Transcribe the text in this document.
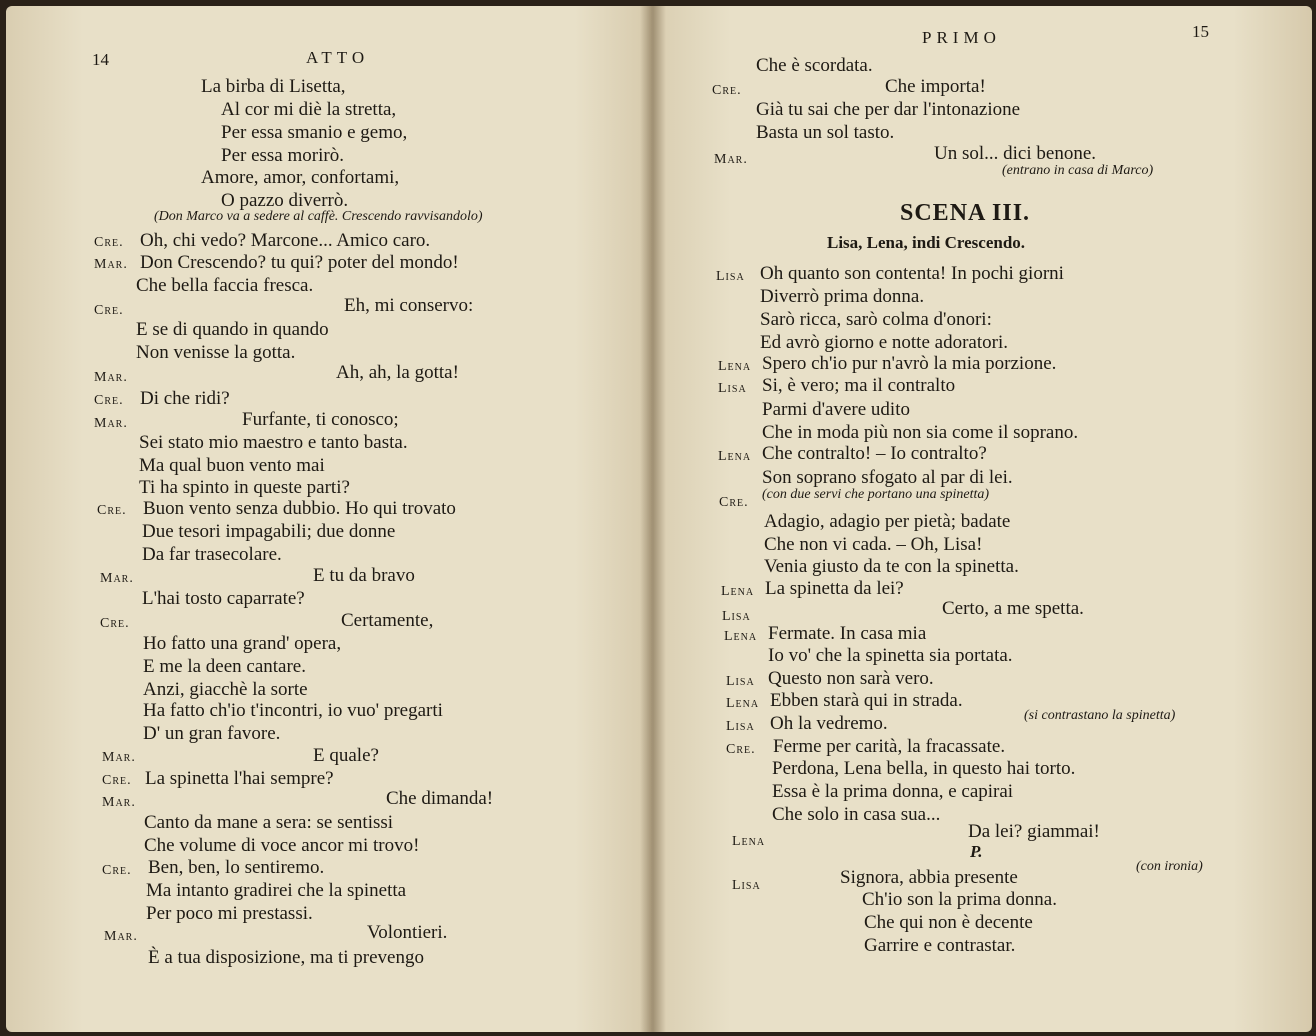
14	ATTO
La birba di Lisetta,
Al cor mi diè la stretta,
Per essa smanio e gemo,
Per essa morirò.
Amore, amor, confortami,
O pazzo diverrò.
(Don Marco va a sedere al caffè. Crescendo ravvisandolo)
Cre. Oh, chi vedo? Marcone... Amico caro.
Mar. Don Crescendo? tu qui? poter del mondo!
Che bella faccia fresca.
Cre.	Eh, mi conservo:
E se di quando in quando
Non venisse la gotta.
Mar.	Ah, ah, la gotta!
Cre. Di che ridi?
Mar.	Furfante, ti conosco;
Sei stato mio maestro e tanto basta.
Ma qual buon vento mai
Ti ha spinto in queste parti?
Cre. Buon vento senza dubbio. Ho qui trovato
Due tesori impagabili; due donne
Da far trasecolare.
Mar.	E tu da bravo
L'hai tosto caparrate?
Cre.	Certamente,
Ho fatto una grand' opera,
E me la deen cantare.
Anzi, giacchè la sorte
Ha fatto ch'io t'incontri, io vuo' pregarti
D' un gran favore.
Mar.	E quale?
Cre. La spinetta l'hai sempre?
Mar.	Che dimanda!
Canto da mane a sera: se sentissi
Che volume di voce ancor mi trovo!
Cre. Ben, ben, lo sentiremo.
Ma intanto gradirei che la spinetta
Per poco mi prestassi.
Mar.	Volontieri.
È a tua disposizione, ma ti prevengo
PRIMO	15
Che è scordata.
Cre.	Che importa!
Già tu sai che per dar l'intonazione
Basta un sol tasto.
Mar.	Un sol... dici benone.
(entrano in casa di Marco)
SCENA III.
Lisa, Lena, indi Crescendo.
Lisa Oh quanto son contenta! In pochi giorni
Diverrò prima donna.
Sarò ricca, sarò colma d'onori:
Ed avrò giorno e notte adoratori.
Lena Spero ch'io pur n'avrò la mia porzione.
Lisa Si, è vero; ma il contralto
Parmi d'avere udito
Che in moda più non sia come il soprano.
Lena Che contralto! – Io contralto?
Son soprano sfogato al par di lei.
Cre.
(con due servi che portano una spinetta)
Adagio, adagio per pietà; badate
Che non vi cada. – Oh, Lisa!
Venia giusto da te con la spinetta.
Lena La spinetta da lei?
Lisa	Certo, a me spetta.
Lena Fermate. In casa mia
Io vo' che la spinetta sia portata.
Lisa Questo non sarà vero.
Lena Ebben starà qui in strada.
Lisa Oh la vedremo.	(si contrastano la spinetta)
Cre. Ferme per carità, la fracassate.
Perdona, Lena bella, in questo hai torto.
Essa è la prima donna, e capirai
Che solo in casa sua...
Lena	Da lei? giammai!
P.
Lisa	Signora, abbia presente
(con ironia)
Ch'io son la prima donna.
Che qui non è decente
Garrire e contrastar.
